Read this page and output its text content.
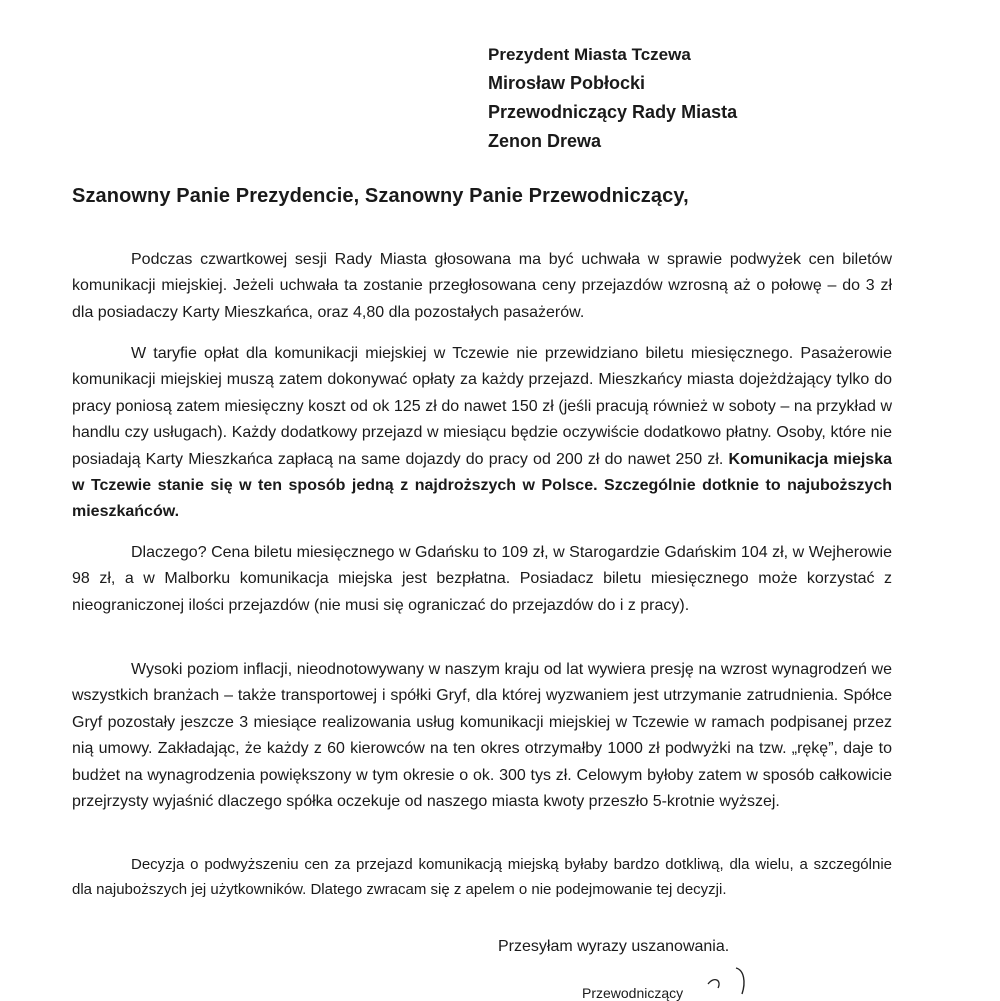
Prezydent Miasta Tczewa
Mirosław Pobłocki
Przewodniczący Rady Miasta
Zenon Drewa
Szanowny Panie Prezydencie, Szanowny Panie Przewodniczący,

Podczas czwartkowej sesji Rady Miasta głosowana ma być uchwała w sprawie podwyżek cen biletów komunikacji miejskiej. Jeżeli uchwała ta zostanie przegłosowana ceny przejazdów wzrosną aż o połowę – do 3 zł dla posiadaczy Karty Mieszkańca, oraz 4,80 dla pozostałych pasażerów.

W taryfie opłat dla komunikacji miejskiej w Tczewie nie przewidziano biletu miesięcznego. Pasażerowie komunikacji miejskiej muszą zatem dokonywać opłaty za każdy przejazd. Mieszkańcy miasta dojeżdżający tylko do pracy poniosą zatem miesięczny koszt od ok 125 zł do nawet 150 zł (jeśli pracują również w soboty – na przykład w handlu czy usługach). Każdy dodatkowy przejazd w miesiącu będzie oczywiście dodatkowo płatny. Osoby, które nie posiadają Karty Mieszkańca zapłacą na same dojazdy do pracy od 200 zł do nawet 250 zł. Komunikacja miejska w Tczewie stanie się w ten sposób jedną z najdroższych w Polsce. Szczególnie dotknie to najuboższych mieszkańców.

Dlaczego? Cena biletu miesięcznego w Gdańsku to 109 zł, w Starogardzie Gdańskim 104 zł, w Wejherowie 98 zł, a w Malborku komunikacja miejska jest bezpłatna. Posiadacz biletu miesięcznego może korzystać z nieograniczonej ilości przejazdów (nie musi się ograniczać do przejazdów do i z pracy).

Wysoki poziom inflacji, nieodnotowywany w naszym kraju od lat wywiera presję na wzrost wynagrodzeń we wszystkich branżach – także transportowej i spółki Gryf, dla której wyzwaniem jest utrzymanie zatrudnienia. Spółce Gryf pozostały jeszcze 3 miesiące realizowania usług komunikacji miejskiej w Tczewie w ramach podpisanej przez nią umowy. Zakładając, że każdy z 60 kierowców na ten okres otrzymałby 1000 zł podwyżki na tzw. „rękę”, daje to budżet na wynagrodzenia powiększony w tym okresie o ok. 300 tys zł. Celowym byłoby zatem w sposób całkowicie przejrzysty wyjaśnić dlaczego spółka oczekuje od naszego miasta kwoty przeszło 5-krotnie wyższej.

Decyzja o podwyższeniu cen za przejazd komunikacją miejską byłaby bardzo dotkliwą, dla wielu, a szczególnie dla najuboższych jej użytkowników. Dlatego zwracam się z apelem o nie podejmowanie tej decyzji.

Przesyłam wyrazy uszanowania.
Przewodniczący
